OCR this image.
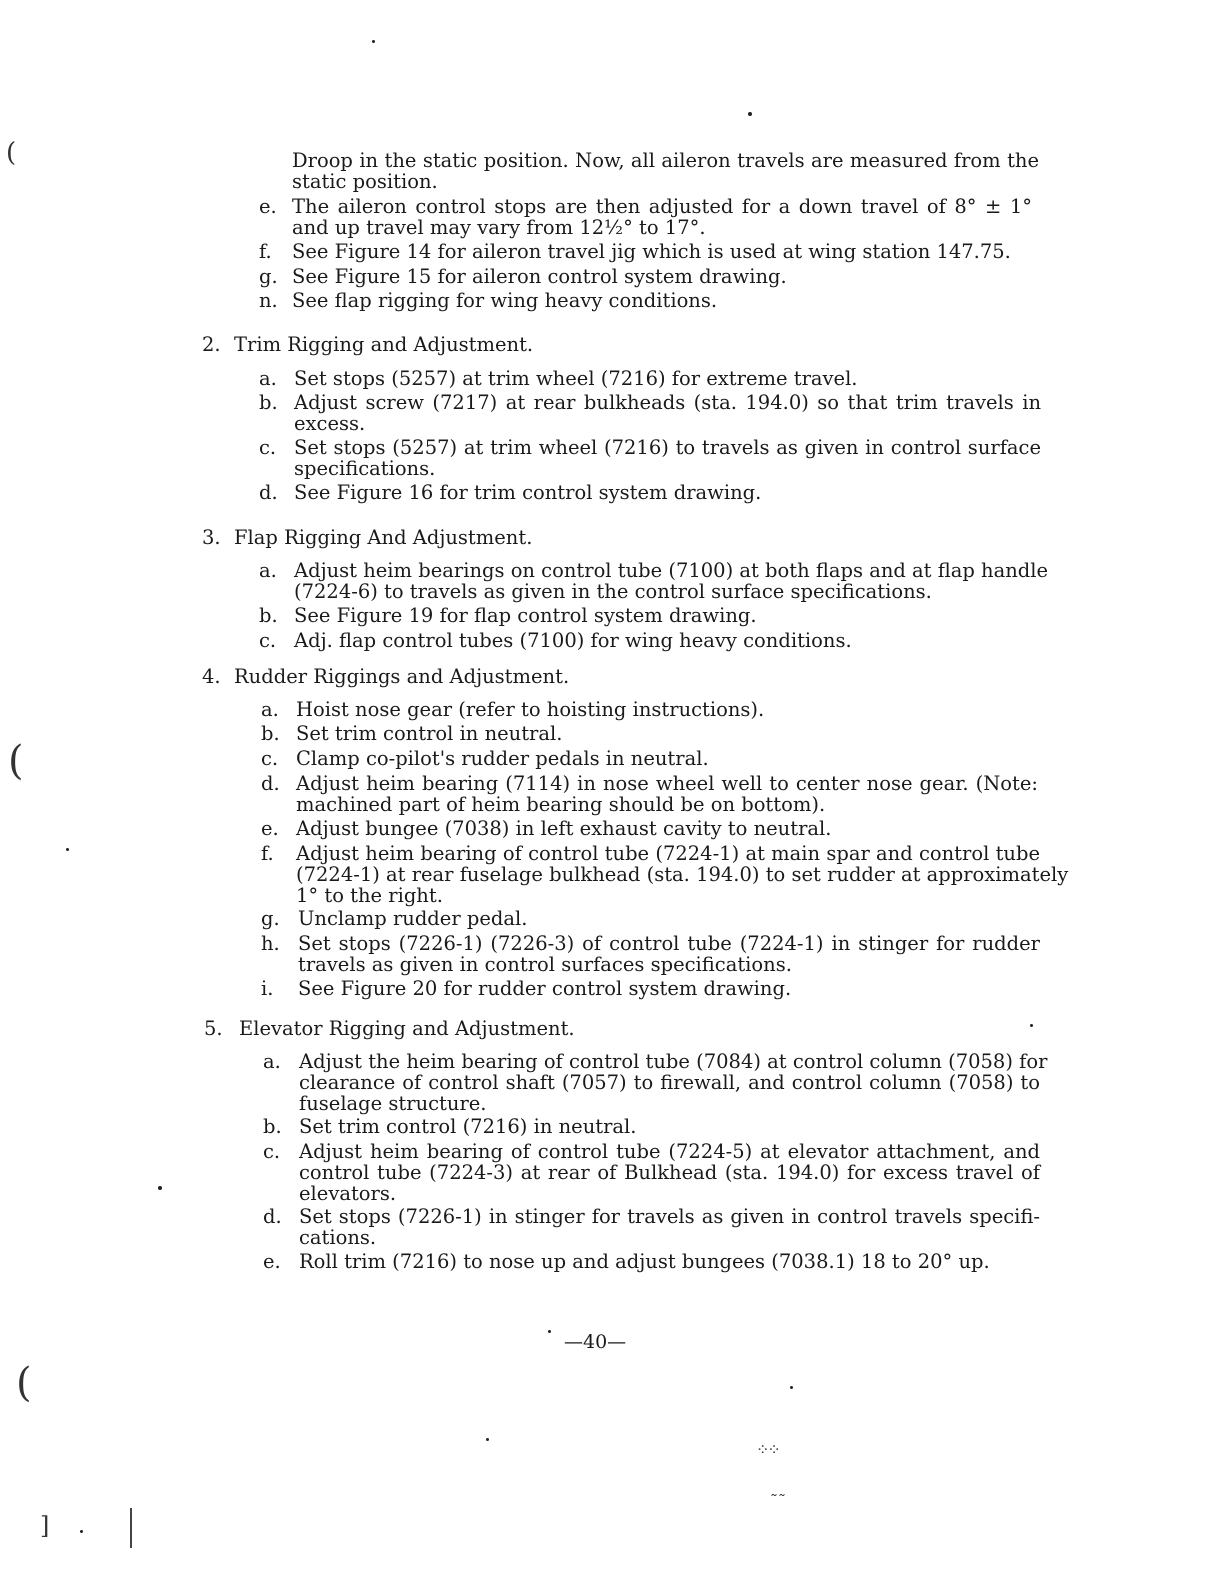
Droop in the static position. Now, all aileron travels are measured from the
static position.
e. The aileron control stops are then adjusted for a down travel of 8° ± 1°
and up travel may vary from 12½° to 17°.
f. See Figure 14 for aileron travel jig which is used at wing station 147.75.
g. See Figure 15 for aileron control system drawing.
n. See flap rigging for wing heavy conditions.
2. Trim Rigging and Adjustment.
a. Set stops (5257) at trim wheel (7216) for extreme travel.
b. Adjust screw (7217) at rear bulkheads (sta. 194.0) so that trim travels in
excess.
c. Set stops (5257) at trim wheel (7216) to travels as given in control surface
specifications.
d. See Figure 16 for trim control system drawing.
3. Flap Rigging And Adjustment.
a. Adjust heim bearings on control tube (7100) at both flaps and at flap handle
(7224-6) to travels as given in the control surface specifications.
b. See Figure 19 for flap control system drawing.
c. Adj. flap control tubes (7100) for wing heavy conditions.
4. Rudder Riggings and Adjustment.
a. Hoist nose gear (refer to hoisting instructions).
b. Set trim control in neutral.
c. Clamp co-pilot's rudder pedals in neutral.
d. Adjust heim bearing (7114) in nose wheel well to center nose gear. (Note:
machined part of heim bearing should be on bottom).
e. Adjust bungee (7038) in left exhaust cavity to neutral.
f. Adjust heim bearing of control tube (7224-1) at main spar and control tube
(7224-1) at rear fuselage bulkhead (sta. 194.0) to set rudder at approximately
1° to the right.
g. Unclamp rudder pedal.
h. Set stops (7226-1) (7226-3) of control tube (7224-1) in stinger for rudder
travels as given in control surfaces specifications.
i. See Figure 20 for rudder control system drawing.
5. Elevator Rigging and Adjustment.
a. Adjust the heim bearing of control tube (7084) at control column (7058) for
clearance of control shaft (7057) to firewall, and control column (7058) to
fuselage structure.
b. Set trim control (7216) in neutral.
c. Adjust heim bearing of control tube (7224-5) at elevator attachment, and
control tube (7224-3) at rear of Bulkhead (sta. 194.0) for excess travel of
elevators.
d. Set stops (7226-1) in stinger for travels as given in control travels specifi-
cations.
e. Roll trim (7216) to nose up and adjust bungees (7038.1) 18 to 20° up.
—40—
(
(
(
]
⁘⁘
˷˷
